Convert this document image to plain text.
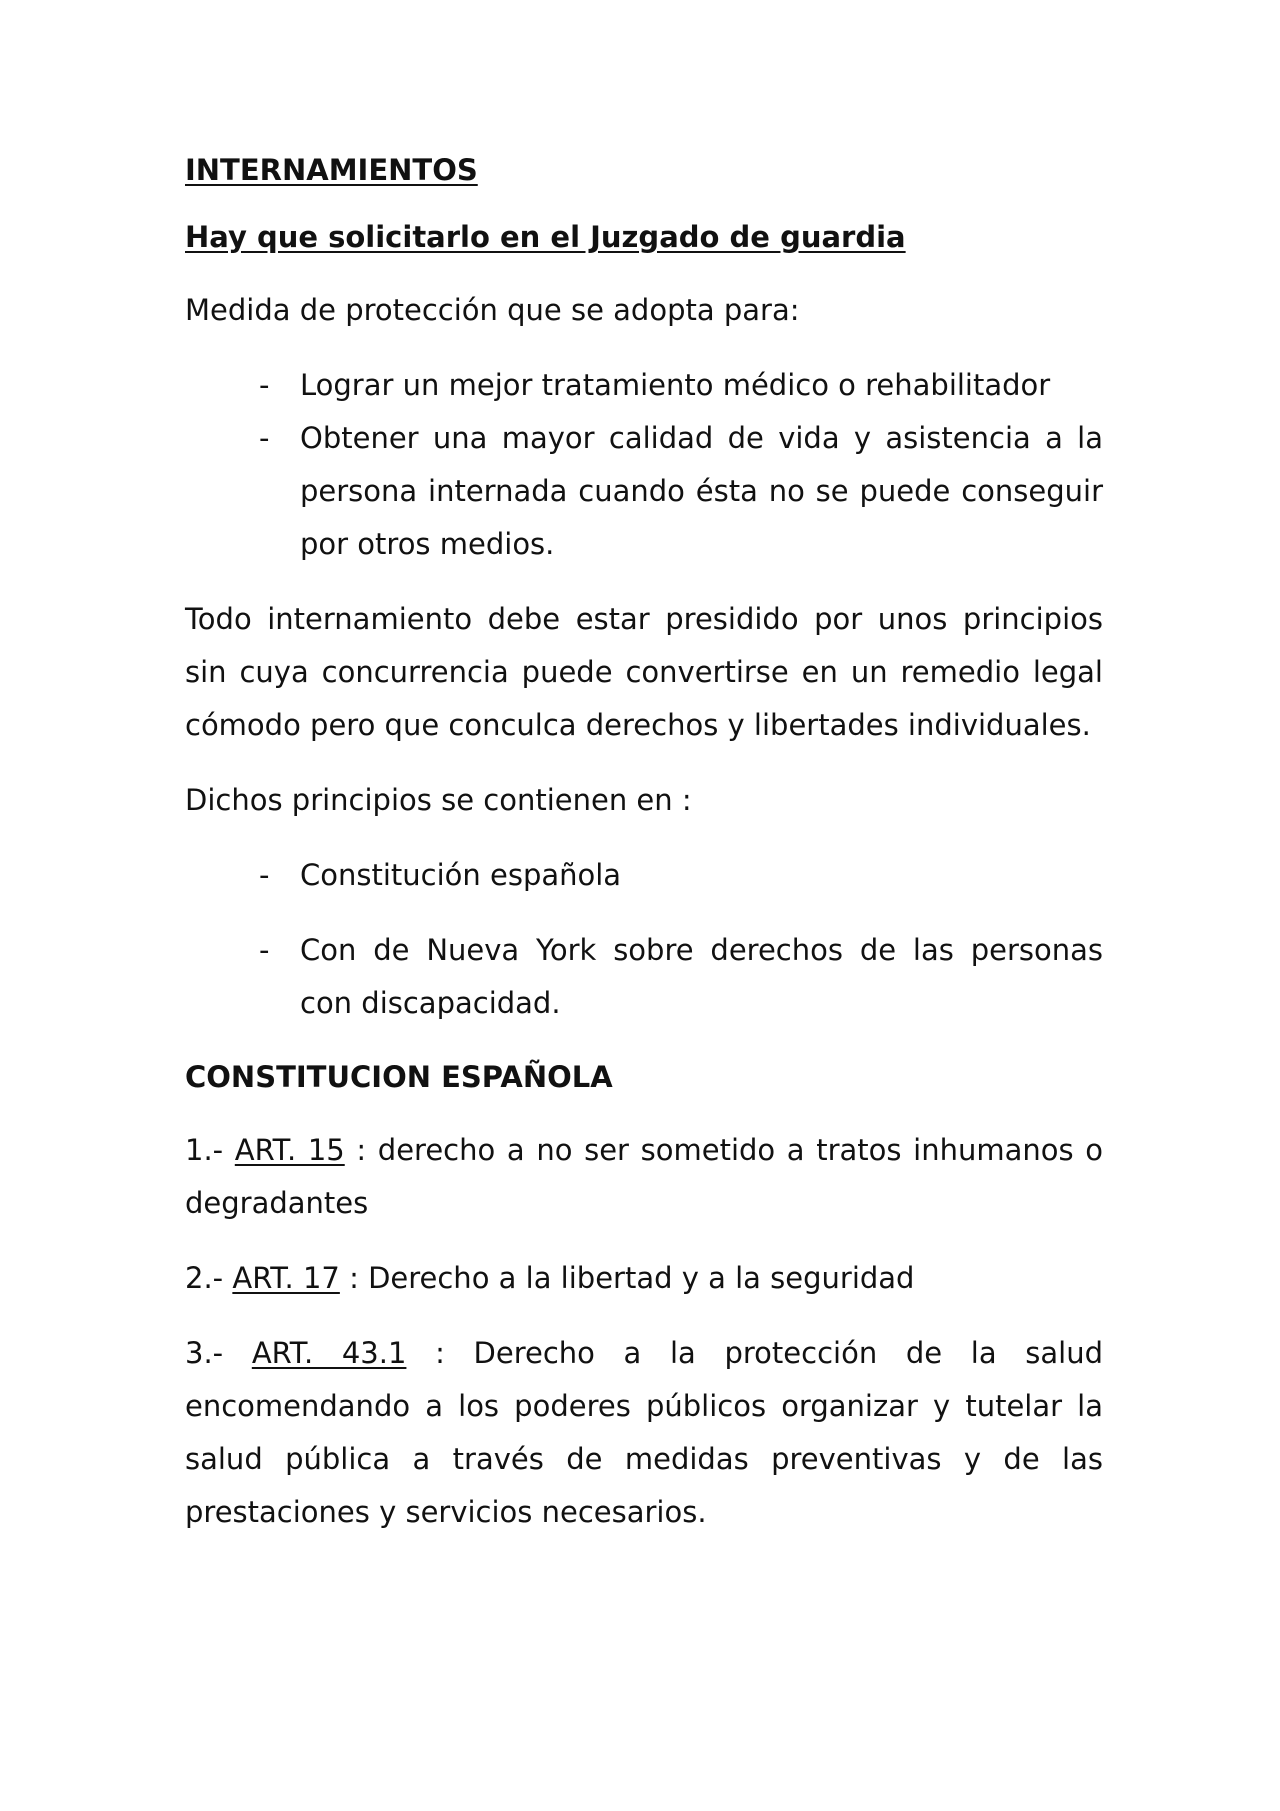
INTERNAMIENTOS
Hay que solicitarlo en el Juzgado de guardia

Medida de protección que se adopta para:

- Lograr un mejor tratamiento médico o rehabilitador
- Obtener una mayor calidad de vida y asistencia a la persona internada cuando ésta no se puede conseguir por otros medios.

Todo internamiento debe estar presidido por unos principios sin cuya concurrencia puede convertirse en un remedio legal cómodo pero que conculca derechos y libertades individuales.

Dichos principios se contienen en :

- Constitución española
- Con de Nueva York sobre derechos de las personas con discapacidad.
CONSTITUCION ESPAÑOLA

1.- ART. 15 : derecho a no ser sometido a tratos inhumanos o degradantes

2.- ART. 17 : Derecho a la libertad y a la seguridad

3.- ART. 43.1 : Derecho a la protección de la salud encomendando a los poderes públicos organizar y tutelar la salud pública a través de medidas preventivas y de las prestaciones y servicios necesarios.
